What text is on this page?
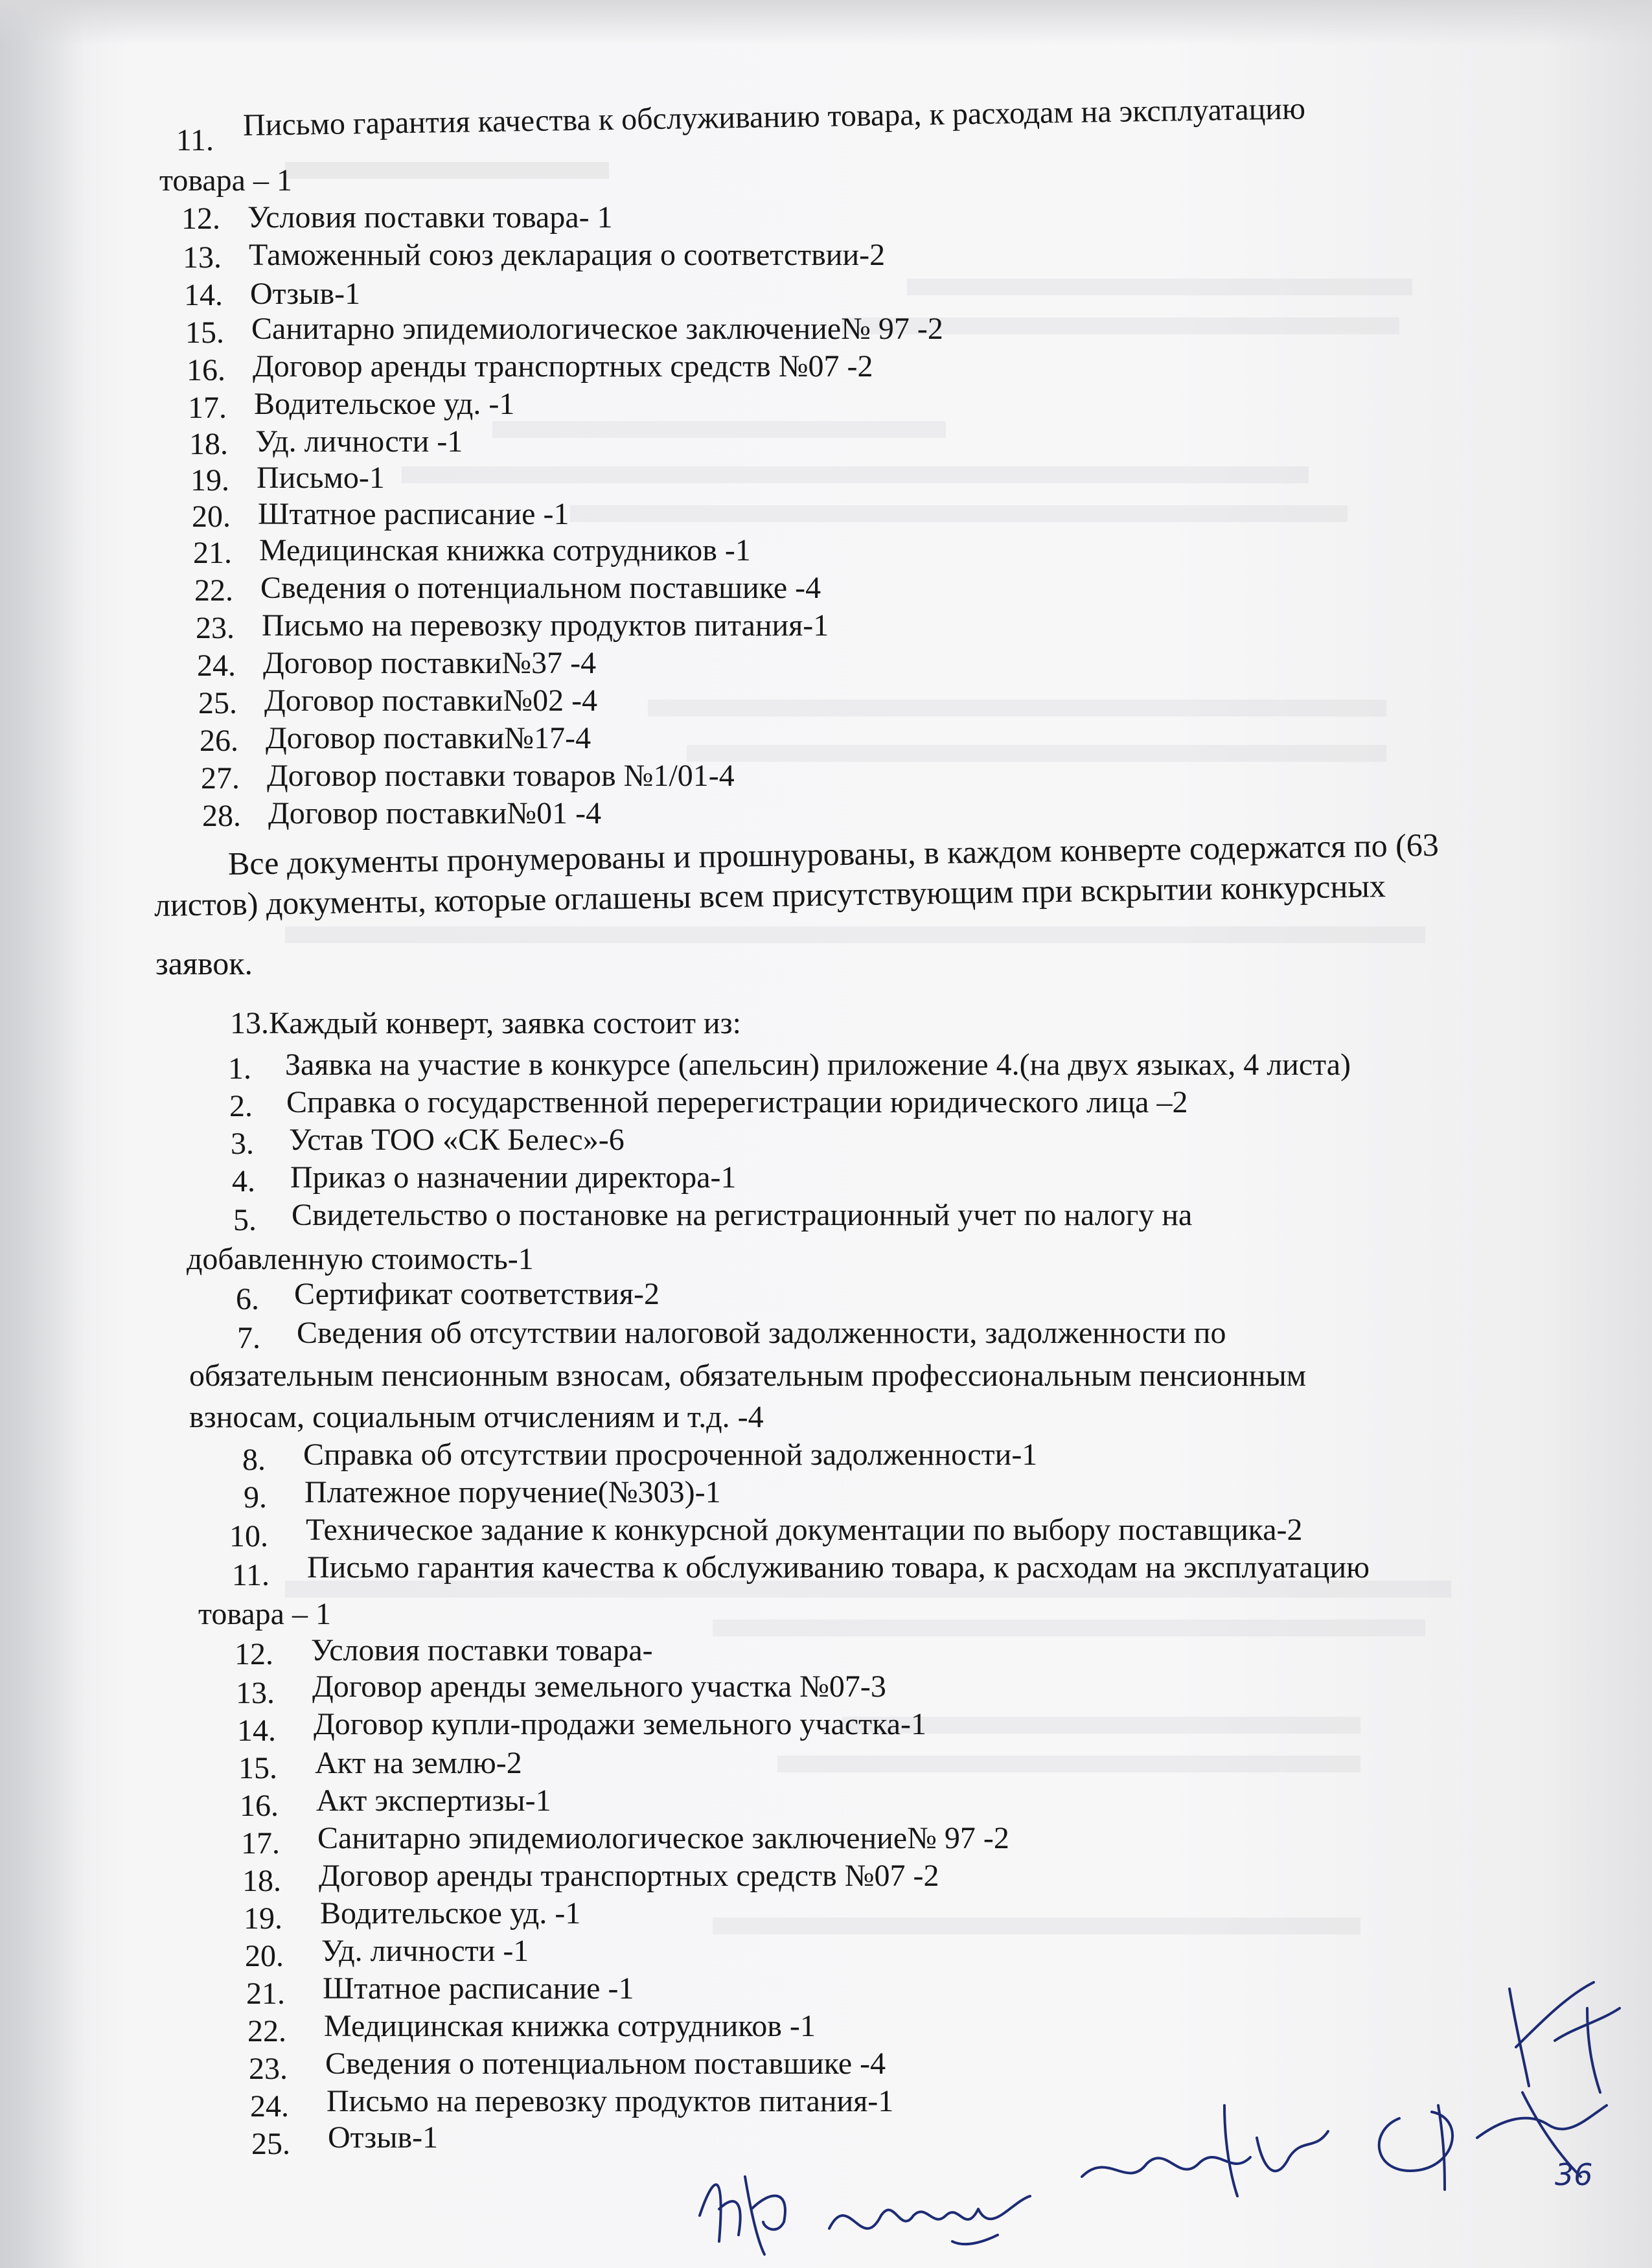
11. Письмо гарантия качества к обслуживанию товара, к расходам на эксплуатацию
товара – 1
12. Условия поставки товара- 1
13. Таможенный союз декларация о соответствии-2
14. Отзыв-1
15. Санитарно эпидемиологическое заключение№ 97 -2
16. Договор аренды транспортных средств №07 -2
17. Водительское уд. -1
18. Уд. личности -1
19. Письмо-1
20. Штатное расписание -1
21. Медицинская книжка сотрудников -1
22. Сведения о потенциальном поставшике -4
23. Письмо на перевозку продуктов питания-1
24. Договор поставки№37 -4
25. Договор поставки№02 -4
26. Договор поставки№17-4
27. Договор поставки товаров №1/01-4
28. Договор поставки№01 -4
Все документы пронумерованы и прошнурованы, в каждом конверте содержатся по (63
листов) документы, которые оглашены всем присутствующим при вскрытии конкурсных
заявок.
13.Каждый конверт, заявка состоит из:
1. Заявка на участие в конкурсе (апельсин) приложение 4.(на двух языках, 4 листа)
2. Справка о государственной перерегистрации юридического лица –2
3. Устав ТОО «СК Белес»-6
4. Приказ о назначении директора-1
5. Свидетельство о постановке на регистрационный учет по налогу на
добавленную стоимость-1
6. Сертификат соответствия-2
7. Сведения об отсутствии налоговой задолженности, задолженности по
обязательным пенсионным взносам, обязательным профессиональным пенсионным
взносам, социальным отчислениям и т.д. -4
8. Справка об отсутствии просроченной задолженности-1
9. Платежное поручение(№303)-1
10. Техническое задание к конкурсной документации по выбору поставщика-2
11. Письмо гарантия качества к обслуживанию товара, к расходам на эксплуатацию
товара – 1
12. Условия поставки товара-
13. Договор аренды земельного участка №07-3
14. Договор купли-продажи земельного участка-1
15. Акт на землю-2
16. Акт экспертизы-1
17. Санитарно эпидемиологическое заключение№ 97 -2
18. Договор аренды транспортных средств №07 -2
19. Водительское уд. -1
20. Уд. личности -1
21. Штатное расписание -1
22. Медицинская книжка сотрудников -1
23. Сведения о потенциальном поставшике -4
24. Письмо на перевозку продуктов питания-1
25. Отзыв-1
36
